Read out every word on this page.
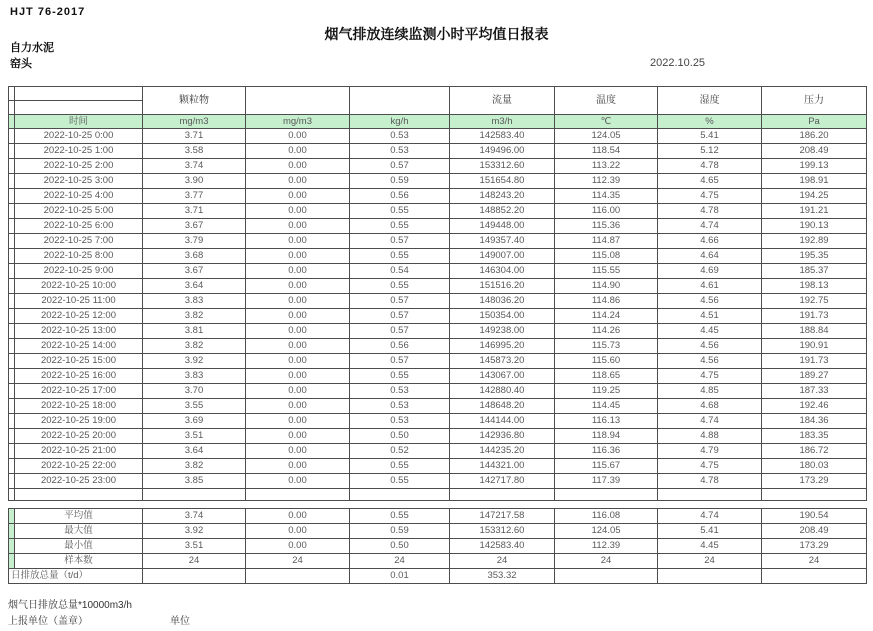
HJT 76-2017
烟气排放连续监测小时平均值日报表
自力水泥
窑头	2022.10.25
		颗粒物			流量	温度	湿度	压力

	时间	mg/m3	mg/m3	kg/h	m3/h	℃	%	Pa
	2022-10-25 0:00	3.71	0.00	0.53	142583.40	124.05	5.41	186.20
	2022-10-25 1:00	3.58	0.00	0.53	149496.00	118.54	5.12	208.49
	2022-10-25 2:00	3.74	0.00	0.57	153312.60	113.22	4.78	199.13
	2022-10-25 3:00	3.90	0.00	0.59	151654.80	112.39	4.65	198.91
	2022-10-25 4:00	3.77	0.00	0.56	148243.20	114.35	4.75	194.25
	2022-10-25 5:00	3.71	0.00	0.55	148852.20	116.00	4.78	191.21
	2022-10-25 6:00	3.67	0.00	0.55	149448.00	115.36	4.74	190.13
	2022-10-25 7:00	3.79	0.00	0.57	149357.40	114.87	4.66	192.89
	2022-10-25 8:00	3.68	0.00	0.55	149007.00	115.08	4.64	195.35
	2022-10-25 9:00	3.67	0.00	0.54	146304.00	115.55	4.69	185.37
	2022-10-25 10:00	3.64	0.00	0.55	151516.20	114.90	4.61	198.13
	2022-10-25 11:00	3.83	0.00	0.57	148036.20	114.86	4.56	192.75
	2022-10-25 12:00	3.82	0.00	0.57	150354.00	114.24	4.51	191.73
	2022-10-25 13:00	3.81	0.00	0.57	149238.00	114.26	4.45	188.84
	2022-10-25 14:00	3.82	0.00	0.56	146995.20	115.73	4.56	190.91
	2022-10-25 15:00	3.92	0.00	0.57	145873.20	115.60	4.56	191.73
	2022-10-25 16:00	3.83	0.00	0.55	143067.00	118.65	4.75	189.27
	2022-10-25 17:00	3.70	0.00	0.53	142880.40	119.25	4.85	187.33
	2022-10-25 18:00	3.55	0.00	0.53	148648.20	114.45	4.68	192.46
	2022-10-25 19:00	3.69	0.00	0.53	144144.00	116.13	4.74	184.36
	2022-10-25 20:00	3.51	0.00	0.50	142936.80	118.94	4.88	183.35
	2022-10-25 21:00	3.64	0.00	0.52	144235.20	116.36	4.79	186.72
	2022-10-25 22:00	3.82	0.00	0.55	144321.00	115.67	4.75	180.03
	2022-10-25 23:00	3.85	0.00	0.55	142717.80	117.39	4.78	173.29

	平均值	3.74	0.00	0.55	147217.58	116.08	4.74	190.54
	最大值	3.92	0.00	0.59	153312.60	124.05	5.41	208.49
	最小值	3.51	0.00	0.50	142583.40	112.39	4.45	173.29
	样本数	24	24	24	24	24	24	24
日排放总量（t/d）				0.01	353.32			
烟气日排放总量*10000m3/h
上报单位（盖章）	单位
